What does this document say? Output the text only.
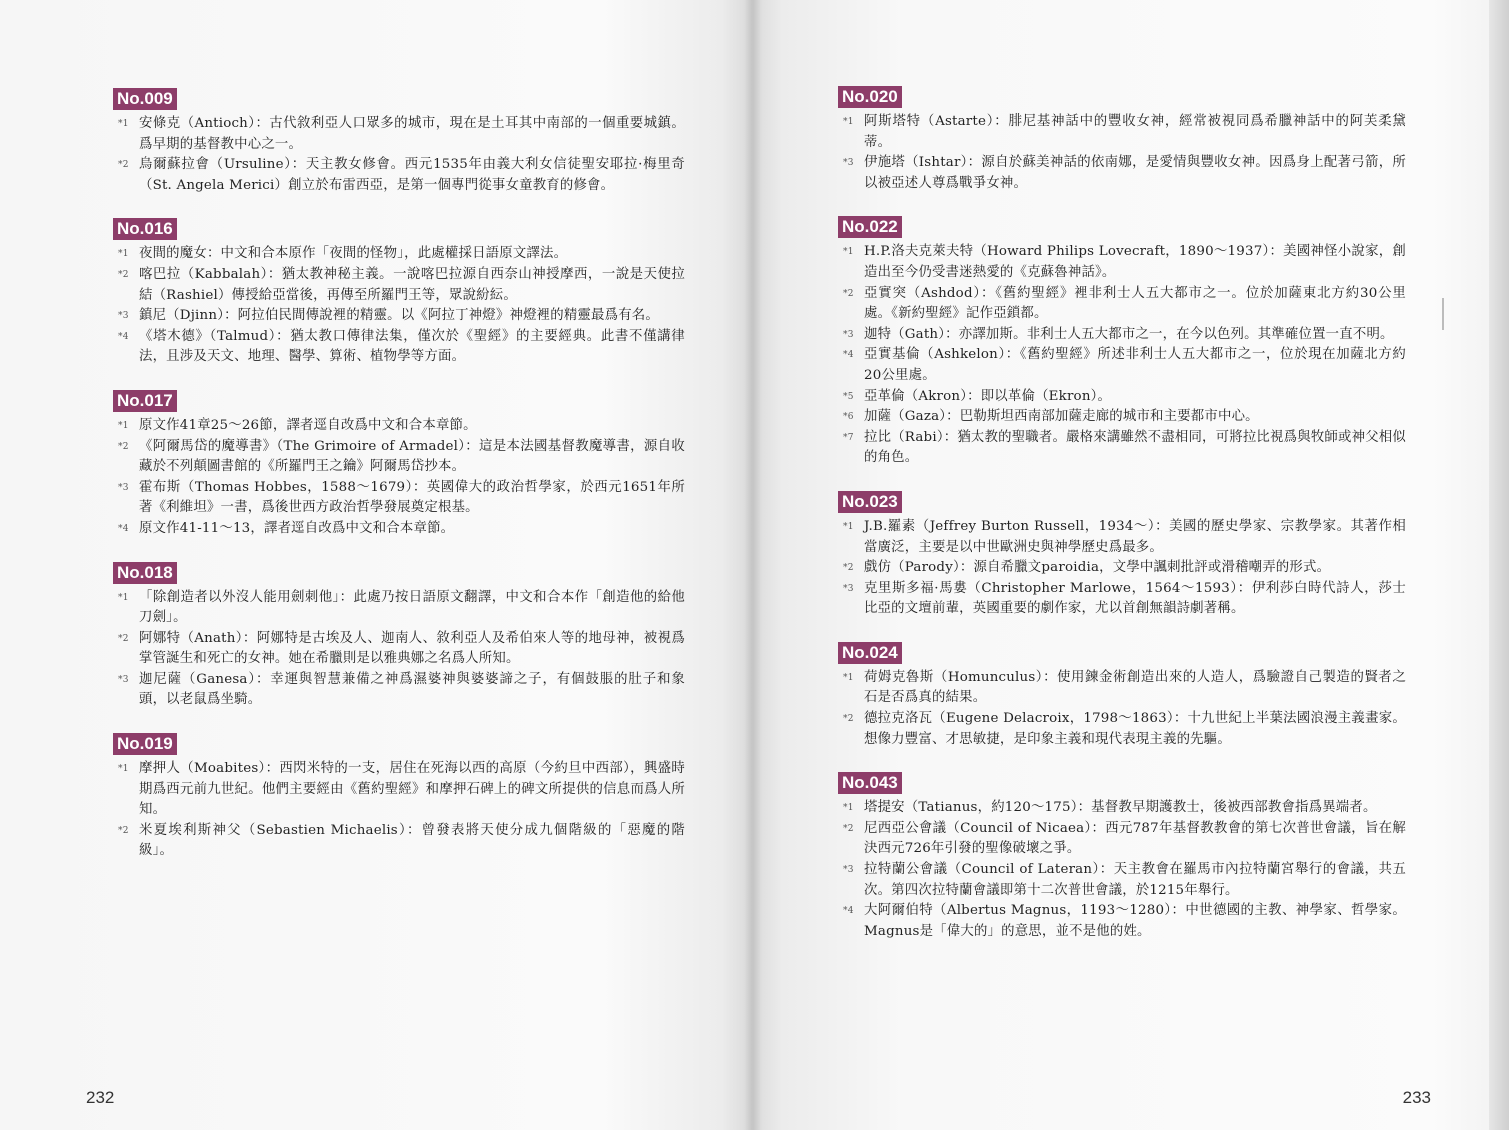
No.009
*1 安條克（Antioch）：古代敘利亞人口眾多的城市，現在是土耳其中南部的一個重要城鎮。爲早期的基督教中心之一。
*2 烏爾蘇拉會（Ursuline）：天主教女修會。西元1535年由義大利女信徒聖安耶拉·梅里奇（St. Angela Merici）創立於布雷西亞，是第一個專門從事女童教育的修會。
No.016
*1 夜間的魔女：中文和合本原作「夜間的怪物」，此處權採日語原文譯法。
*2 喀巴拉（Kabbalah）：猶太教神秘主義。一說喀巴拉源自西奈山神授摩西，一說是天使拉結（Rashiel）傳授給亞當後，再傳至所羅門王等，眾說紛紜。
*3 鎮尼（Djinn）：阿拉伯民間傳說裡的精靈。以《阿拉丁神燈》神燈裡的精靈最爲有名。
*4 《塔木德》（Talmud）：猶太教口傳律法集，僅次於《聖經》的主要經典。此書不僅講律法，且涉及天文、地理、醫學、算術、植物學等方面。
No.017
*1 原文作41章25～26節，譯者逕自改爲中文和合本章節。
*2 《阿爾馬岱的魔導書》（The Grimoire of Armadel）：這是本法國基督教魔導書，源自收藏於不列顛圖書館的《所羅門王之鑰》阿爾馬岱抄本。
*3 霍布斯（Thomas Hobbes，1588～1679）：英國偉大的政治哲學家，於西元1651年所著《利維坦》一書，爲後世西方政治哲學發展奠定根基。
*4 原文作41-11～13，譯者逕自改爲中文和合本章節。
No.018
*1 「除創造者以外沒人能用劍刺他」：此處乃按日語原文翻譯，中文和合本作「創造他的給他刀劍」。
*2 阿娜特（Anath）：阿娜特是古埃及人、迦南人、敘利亞人及希伯來人等的地母神，被視爲掌管誕生和死亡的女神。她在希臘則是以雅典娜之名爲人所知。
*3 迦尼薩（Ganesa）：幸運與智慧兼備之神爲濕婆神與婆婆諦之子，有個鼓脹的肚子和象頭，以老鼠爲坐騎。
No.019
*1 摩押人（Moabites）：西閃米特的一支，居住在死海以西的高原（今約旦中西部），興盛時期爲西元前九世紀。他們主要經由《舊約聖經》和摩押石碑上的碑文所提供的信息而爲人所知。
*2 米夏埃利斯神父（Sebastien Michaelis）：曾發表將天使分成九個階級的「惡魔的階級」。
232
No.020
*1 阿斯塔特（Astarte）：腓尼基神話中的豐收女神，經常被視同爲希臘神話中的阿芙柔黛蒂。
*3 伊施塔（Ishtar）：源自於蘇美神話的依南娜，是愛情與豐收女神。因爲身上配著弓箭，所以被亞述人尊爲戰爭女神。
No.022
*1 H.P.洛夫克萊夫特（Howard Philips Lovecraft，1890～1937）：美國神怪小說家，創造出至今仍受書迷熱愛的《克蘇魯神話》。
*2 亞實突（Ashdod）：《舊約聖經》裡非利士人五大都市之一。位於加薩東北方約30公里處。《新約聖經》記作亞鎖都。
*3 迦特（Gath）：亦譯加斯。非利士人五大都市之一，在今以色列。其準確位置一直不明。
*4 亞實基倫（Ashkelon）：《舊約聖經》所述非利士人五大都市之一，位於現在加薩北方約20公里處。
*5 亞革倫（Akron）：即以革倫（Ekron）。
*6 加薩（Gaza）：巴勒斯坦西南部加薩走廊的城市和主要都市中心。
*7 拉比（Rabi）：猶太教的聖職者。嚴格來講雖然不盡相同，可將拉比視爲與牧師或神父相似的角色。
No.023
*1 J.B.羅素（Jeffrey Burton Russell，1934～）：美國的歷史學家、宗教學家。其著作相當廣泛，主要是以中世歐洲史與神學歷史爲最多。
*2 戲仿（Parody）：源自希臘文paroidia，文學中諷刺批評或滑稽嘲弄的形式。
*3 克里斯多福·馬婁（Christopher Marlowe，1564～1593）：伊利莎白時代詩人，莎士比亞的文壇前輩，英國重要的劇作家，尤以首創無韻詩劇著稱。
No.024
*1 荷姆克魯斯（Homunculus）：使用鍊金術創造出來的人造人，爲驗證自己製造的賢者之石是否爲真的結果。
*2 德拉克洛瓦（Eugene Delacroix，1798～1863）：十九世紀上半葉法國浪漫主義畫家。想像力豐富、才思敏捷，是印象主義和現代表現主義的先驅。
No.043
*1 塔提安（Tatianus，約120～175）：基督教早期護教士，後被西部教會指爲異端者。
*2 尼西亞公會議（Council of Nicaea）：西元787年基督教教會的第七次普世會議，旨在解決西元726年引發的聖像破壞之爭。
*3 拉特蘭公會議（Council of Lateran）：天主教會在羅馬市內拉特蘭宮舉行的會議，共五次。第四次拉特蘭會議即第十二次普世會議，於1215年舉行。
*4 大阿爾伯特（Albertus Magnus，1193～1280）：中世德國的主教、神學家、哲學家。Magnus是「偉大的」的意思，並不是他的姓。
233
